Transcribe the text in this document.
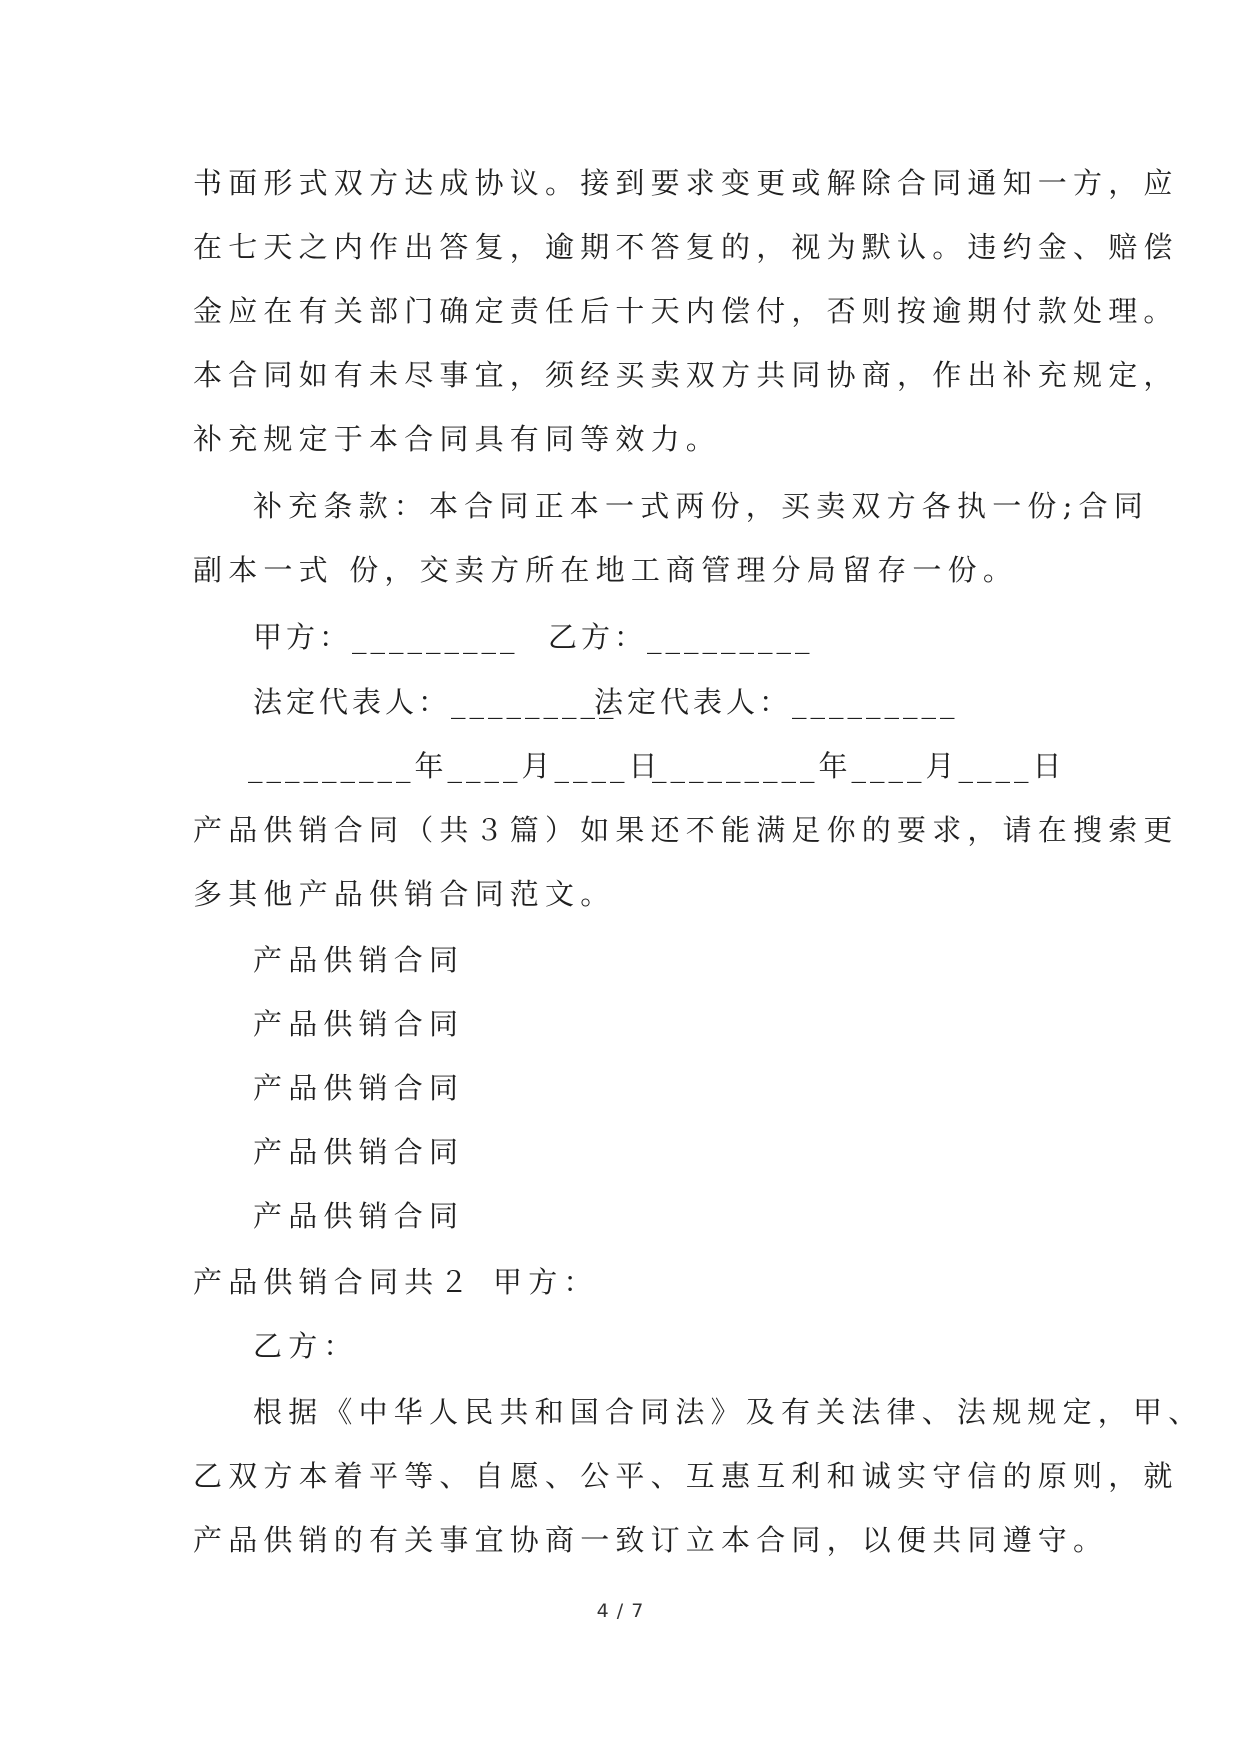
书面形式双方达成协议。接到要求变更或解除合同通知一方，应
在七天之内作出答复，逾期不答复的，视为默认。违约金、赔偿
金应在有关部门确定责任后十天内偿付，否则按逾期付款处理。
本合同如有未尽事宜，须经买卖双方共同协商，作出补充规定，
补充规定于本合同具有同等效力。
补充条款：本合同正本一式两份，买卖双方各执一份;合同
副本一式 份，交卖方所在地工商管理分局留存一份。
甲方：_________ 乙方：_________
法定代表人：_________
法定代表人：_________
_________年____月____日
_________年____月____日
产品供销合同（共３篇）如果还不能满足你的要求，请在搜索更
多其他产品供销合同范文。
产品供销合同
产品供销合同
产品供销合同
产品供销合同
产品供销合同
产品供销合同共２ 甲方：
乙方：
根据《中华人民共和国合同法》及有关法律、法规规定，甲、
乙双方本着平等、自愿、公平、互惠互利和诚实守信的原则，就
产品供销的有关事宜协商一致订立本合同，以便共同遵守。
4 / 7
